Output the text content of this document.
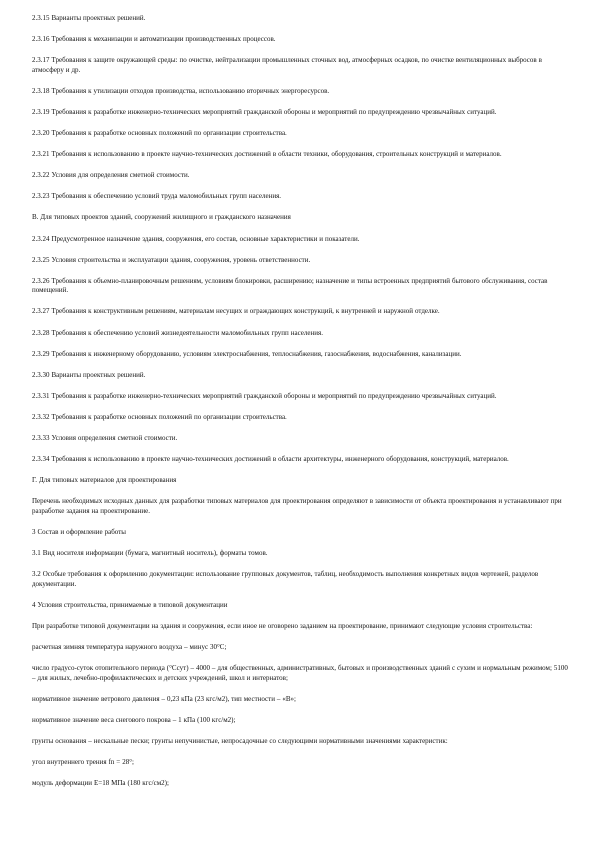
2.3.15 Варианты проектных решений.

2.3.16 Требования к механизации и автоматизации производственных процессов.

2.3.17 Требования к защите окружающей среды: по очистке, нейтрализации промышленных сточных вод, атмосферных осадков, по очистке вентиляционных выбросов в атмосферу и др.

2.3.18 Требования к утилизации отходов производства, использованию вторичных энергоресурсов.

2.3.19 Требования к разработке инженерно-технических мероприятий гражданской обороны и мероприятий по предупреждению чрезвычайных ситуаций.

2.3.20 Требования к разработке основных положений по организации строительства.

2.3.21 Требования к использованию в проекте научно-технических достижений в области техники, оборудования, строительных конструкций и материалов.

2.3.22 Условия для определения сметной стоимости.

2.3.23 Требования к обеспечению условий труда маломобильных групп населения.

В. Для типовых проектов зданий, сооружений жилищного и гражданского назначения

2.3.24 Предусмотренное назначение здания, сооружения, его состав, основные характеристики и показатели.

2.3.25 Условия строительства и эксплуатации здания, сооружения, уровень ответственности.

2.3.26 Требования к объемно-планировочным решениям, условиям блокировки, расширению; назначение и типы встроенных предприятий бытового обслуживания, состав помещений.

2.3.27 Требования к конструктивным решениям, материалам несущих и ограждающих конструкций, к внутренней и наружной отделке.

2.3.28 Требования к обеспечению условий жизнедеятельности маломобильных групп населения.

2.3.29 Требования к инженерному оборудованию, условиям электроснабжения, теплоснабжения, газоснабжения, водоснабжения, канализации.

2.3.30 Варианты проектных решений.

2.3.31 Требования к разработке инженерно-технических мероприятий гражданской обороны и мероприятий по предупреждению чрезвычайных ситуаций.

2.3.32 Требования к разработке основных положений по организации строительства.

2.3.33 Условия определения сметной стоимости.

2.3.34 Требования к использованию в проекте научно-технических достижений в области архитектуры, инженерного оборудования, конструкций, материалов.

Г. Для типовых материалов для проектирования

Перечень необходимых исходных данных для разработки типовых материалов для проектирования определяют в зависимости от объекта проектирования и устанавливают при разработке задания на проектирование.

3 Состав и оформление работы

3.1 Вид носителя информации (бумага, магнитный носитель), форматы томов.

3.2 Особые требования к оформлению документации: использование групповых документов, таблиц, необходимость выполнения конкретных видов чертежей, разделов документации.

4 Условия строительства, принимаемые в типовой документации

При разработке типовой документации на здания и сооружения, если иное не оговорено заданием на проектирование, принимают следующие условия строительства:

расчетная зимняя температура наружного воздуха – минус 30°С;

число градусо-суток отопительного периода (°Ссут) – 4000 – для общественных, административных, бытовых и производственных зданий с сухим и нормальным режимом; 5100 – для жилых, лечебно-профилактических и детских учреждений, школ и интернатов;

нормативное значение ветрового давления – 0,23 кПа (23 кгс/м2), тип местности – «В»;

нормативное значение веса снегового покрова – 1 кПа (100 кгс/м2);

грунты основания – нескальные пески; грунты непучинистые, непросадочные со следующими нормативными значениями характеристик:

угол внутреннего трения fn = 28°;

модуль деформации Е=18 МПа (180 кгс/см2);
